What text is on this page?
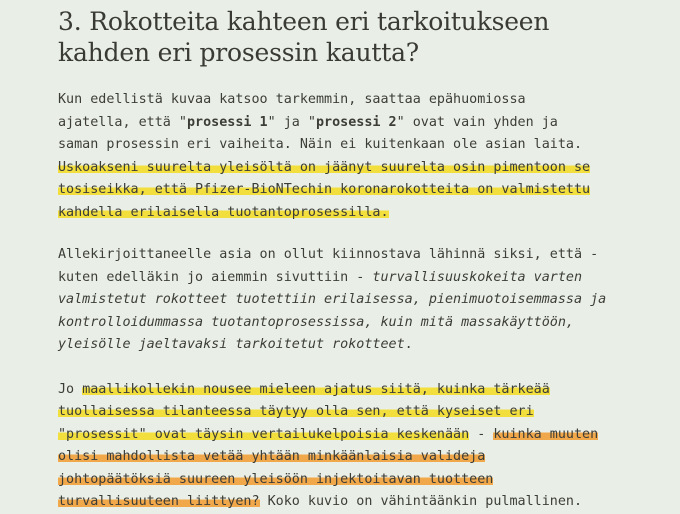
3. Rokotteita kahteen eri tarkoitukseen
kahden eri prosessin kautta?

Kun edellistä kuvaa katsoo tarkemmin, saattaa epähuomiossa
ajatella, että "prosessi 1" ja "prosessi 2" ovat vain yhden ja
saman prosessin eri vaiheita. Näin ei kuitenkaan ole asian laita.
Uskoakseni suurelta yleisöltä on jäänyt suurelta osin pimentoon se
tosiseikka, että Pfizer-BioNTechin koronarokotteita on valmistettu
kahdella erilaisella tuotantoprosessilla.

Allekirjoittaneelle asia on ollut kiinnostava lähinnä siksi, että -
kuten edelläkin jo aiemmin sivuttiin - turvallisuuskokeita varten
valmistetut rokotteet tuotettiin erilaisessa, pienimuotoisemmassa ja
kontrolloidummassa tuotantoprosessissa, kuin mitä massakäyttöön,
yleisölle jaeltavaksi tarkoitetut rokotteet.

Jo maallikollekin nousee mieleen ajatus siitä, kuinka tärkeää
tuollaisessa tilanteessa täytyy olla sen, että kyseiset eri
"prosessit" ovat täysin vertailukelpoisia keskenään - kuinka muuten
olisi mahdollista vetää yhtään minkäänlaisia valideja
johtopäätöksiä suureen yleisöön injektoitavan tuotteen
turvallisuuteen liittyen? Koko kuvio on vähintäänkin pulmallinen.
